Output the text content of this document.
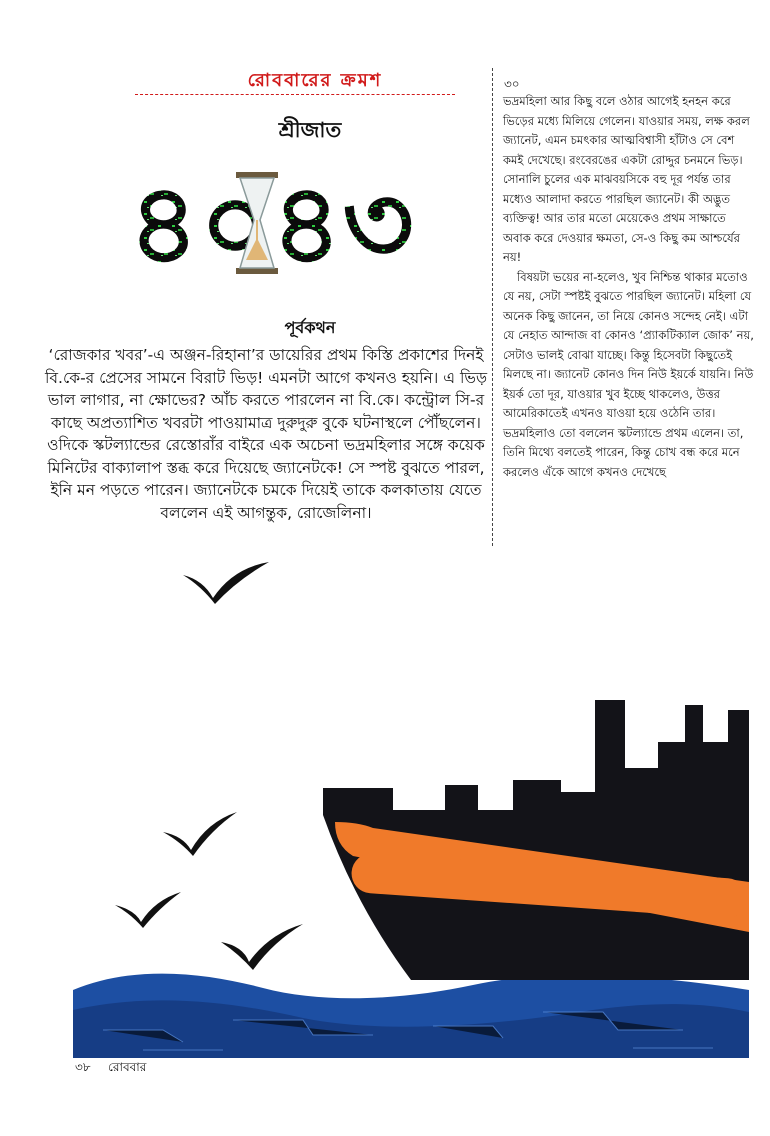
রোববারের ক্রমশ
শ্রীজাত
পূর্বকথন
‘রোজকার খবর’-এ অঞ্জন-রিহানা’র ডায়েরির প্রথম কিস্তি প্রকাশের দিনই বি.কে-র প্রেসের সামনে বিরাট ভিড়! এমনটা আগে কখনও হয়নি। এ ভিড় ভাল লাগার, না ক্ষোভের? আঁচ করতে পারলেন না বি.কে। কন্ট্রোল সি-র কাছে অপ্রত্যাশিত খবরটা পাওয়ামাত্র দুরুদুরু বুকে ঘটনাস্থলে পৌঁছলেন। ওদিকে স্কটল্যান্ডের রেস্তোরাঁর বাইরে এক অচেনা ভদ্রমহিলার সঙ্গে কয়েক মিনিটের বাক্যালাপ স্তব্ধ করে দিয়েছে জ্যানেটকে! সে স্পষ্ট বুঝতে পারল, ইনি মন পড়তে পারেন। জ্যানেটকে চমকে দিয়েই তাকে কলকাতায় যেতে বললেন এই আগন্তুক, রোজেলিনা।
৩০

ভদ্রমহিলা আর কিছু বলে ওঠার আগেই হনহন করে ভিড়ের মধ্যে মিলিয়ে গেলেন। যাওয়ার সময়, লক্ষ করল জ্যানেট, এমন চমৎকার আত্মবিশ্বাসী হাঁটাও সে বেশ কমই দেখেছে। রংবেরঙের একটা রোদ্দুর চনমনে ভিড়। সোনালি চুলের এক মাঝবয়সিকে বহু দূর পর্যন্ত তার মধ্যেও আলাদা করতে পারছিল জ্যানেট। কী অদ্ভুত ব্যক্তিত্ব! আর তার মতো মেয়েকেও প্রথম সাক্ষাতে অবাক করে দেওয়ার ক্ষমতা, সে-ও কিছু কম আশ্চর্যের নয়!

বিষয়টা ভয়ের না-হলেও, খুব নিশ্চিন্ত থাকার মতোও যে নয়, সেটা স্পষ্টই বুঝতে পারছিল জ্যানেট। মহিলা যে অনেক কিছু জানেন, তা নিয়ে কোনও সন্দেহ নেই। এটা যে নেহাত আন্দাজ বা কোনও ‘প্র্যাকটিক্যাল জোক’ নয়, সেটাও ভালই বোঝা যাচ্ছে। কিন্তু হিসেবটা কিছুতেই মিলছে না। জ্যানেট কোনও দিন নিউ ইয়র্কে যায়নি। নিউ ইয়র্ক তো দূর, যাওয়ার খুব ইচ্ছে থাকলেও, উত্তর আমেরিকাতেই এখনও যাওয়া হয়ে ওঠেনি তার। ভদ্রমহিলাও তো বললেন স্কটল্যান্ডে প্রথম এলেন। তা, তিনি মিথ্যে বলতেই পারেন, কিন্তু চোখ বন্ধ করে মনে করলেও এঁকে আগে কখনও দেখেছে

৩৮ রোববার
